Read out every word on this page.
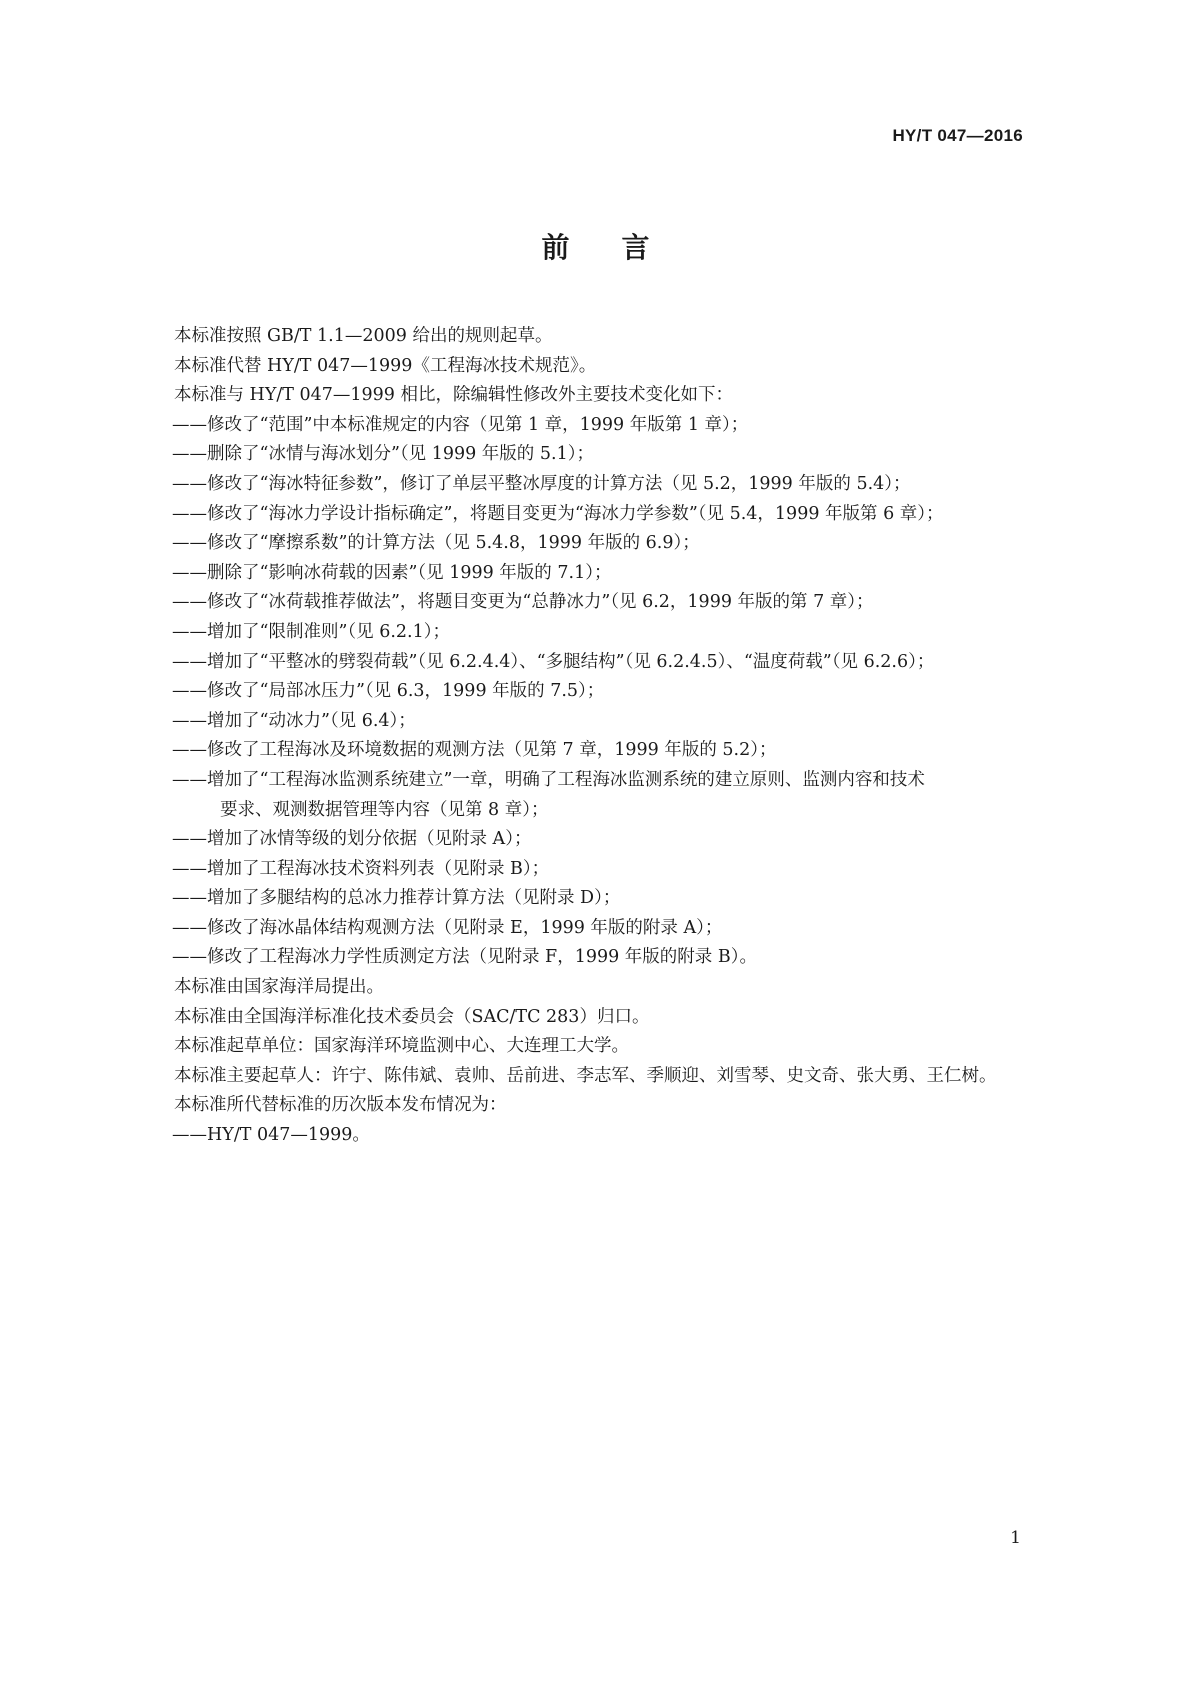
HY/T 047—2016
前言

本标准按照 GB/T 1.1—2009 给出的规则起草。

本标准代替 HY/T 047—1999《工程海冰技术规范》。

本标准与 HY/T 047—1999 相比，除编辑性修改外主要技术变化如下：

——修改了“范围”中本标准规定的内容（见第 1 章，1999 年版第 1 章）；

——删除了“冰情与海冰划分”（见 1999 年版的 5.1）；

——修改了“海冰特征参数”，修订了单层平整冰厚度的计算方法（见 5.2，1999 年版的 5.4）；

——修改了“海冰力学设计指标确定”，将题目变更为“海冰力学参数”（见 5.4，1999 年版第 6 章）；

——修改了“摩擦系数”的计算方法（见 5.4.8，1999 年版的 6.9）；

——删除了“影响冰荷载的因素”（见 1999 年版的 7.1）；

——修改了“冰荷载推荐做法”，将题目变更为“总静冰力”（见 6.2，1999 年版的第 7 章）；

——增加了“限制准则”（见 6.2.1）；

——增加了“平整冰的劈裂荷载”（见 6.2.4.4）、“多腿结构”（见 6.2.4.5）、“温度荷载”（见 6.2.6）；

——修改了“局部冰压力”（见 6.3，1999 年版的 7.5）；

——增加了“动冰力”（见 6.4）；

——修改了工程海冰及环境数据的观测方法（见第 7 章，1999 年版的 5.2）；

——增加了“工程海冰监测系统建立”一章，明确了工程海冰监测系统的建立原则、监测内容和技术

要求、观测数据管理等内容（见第 8 章）；

——增加了冰情等级的划分依据（见附录 A）；

——增加了工程海冰技术资料列表（见附录 B）；

——增加了多腿结构的总冰力推荐计算方法（见附录 D）；

——修改了海冰晶体结构观测方法（见附录 E，1999 年版的附录 A）；

——修改了工程海冰力学性质测定方法（见附录 F，1999 年版的附录 B）。

本标准由国家海洋局提出。

本标准由全国海洋标准化技术委员会（SAC/TC 283）归口。

本标准起草单位：国家海洋环境监测中心、大连理工大学。

本标准主要起草人：许宁、陈伟斌、袁帅、岳前进、李志军、季顺迎、刘雪琴、史文奇、张大勇、王仁树。

本标准所代替标准的历次版本发布情况为：

——HY/T 047—1999。

1
